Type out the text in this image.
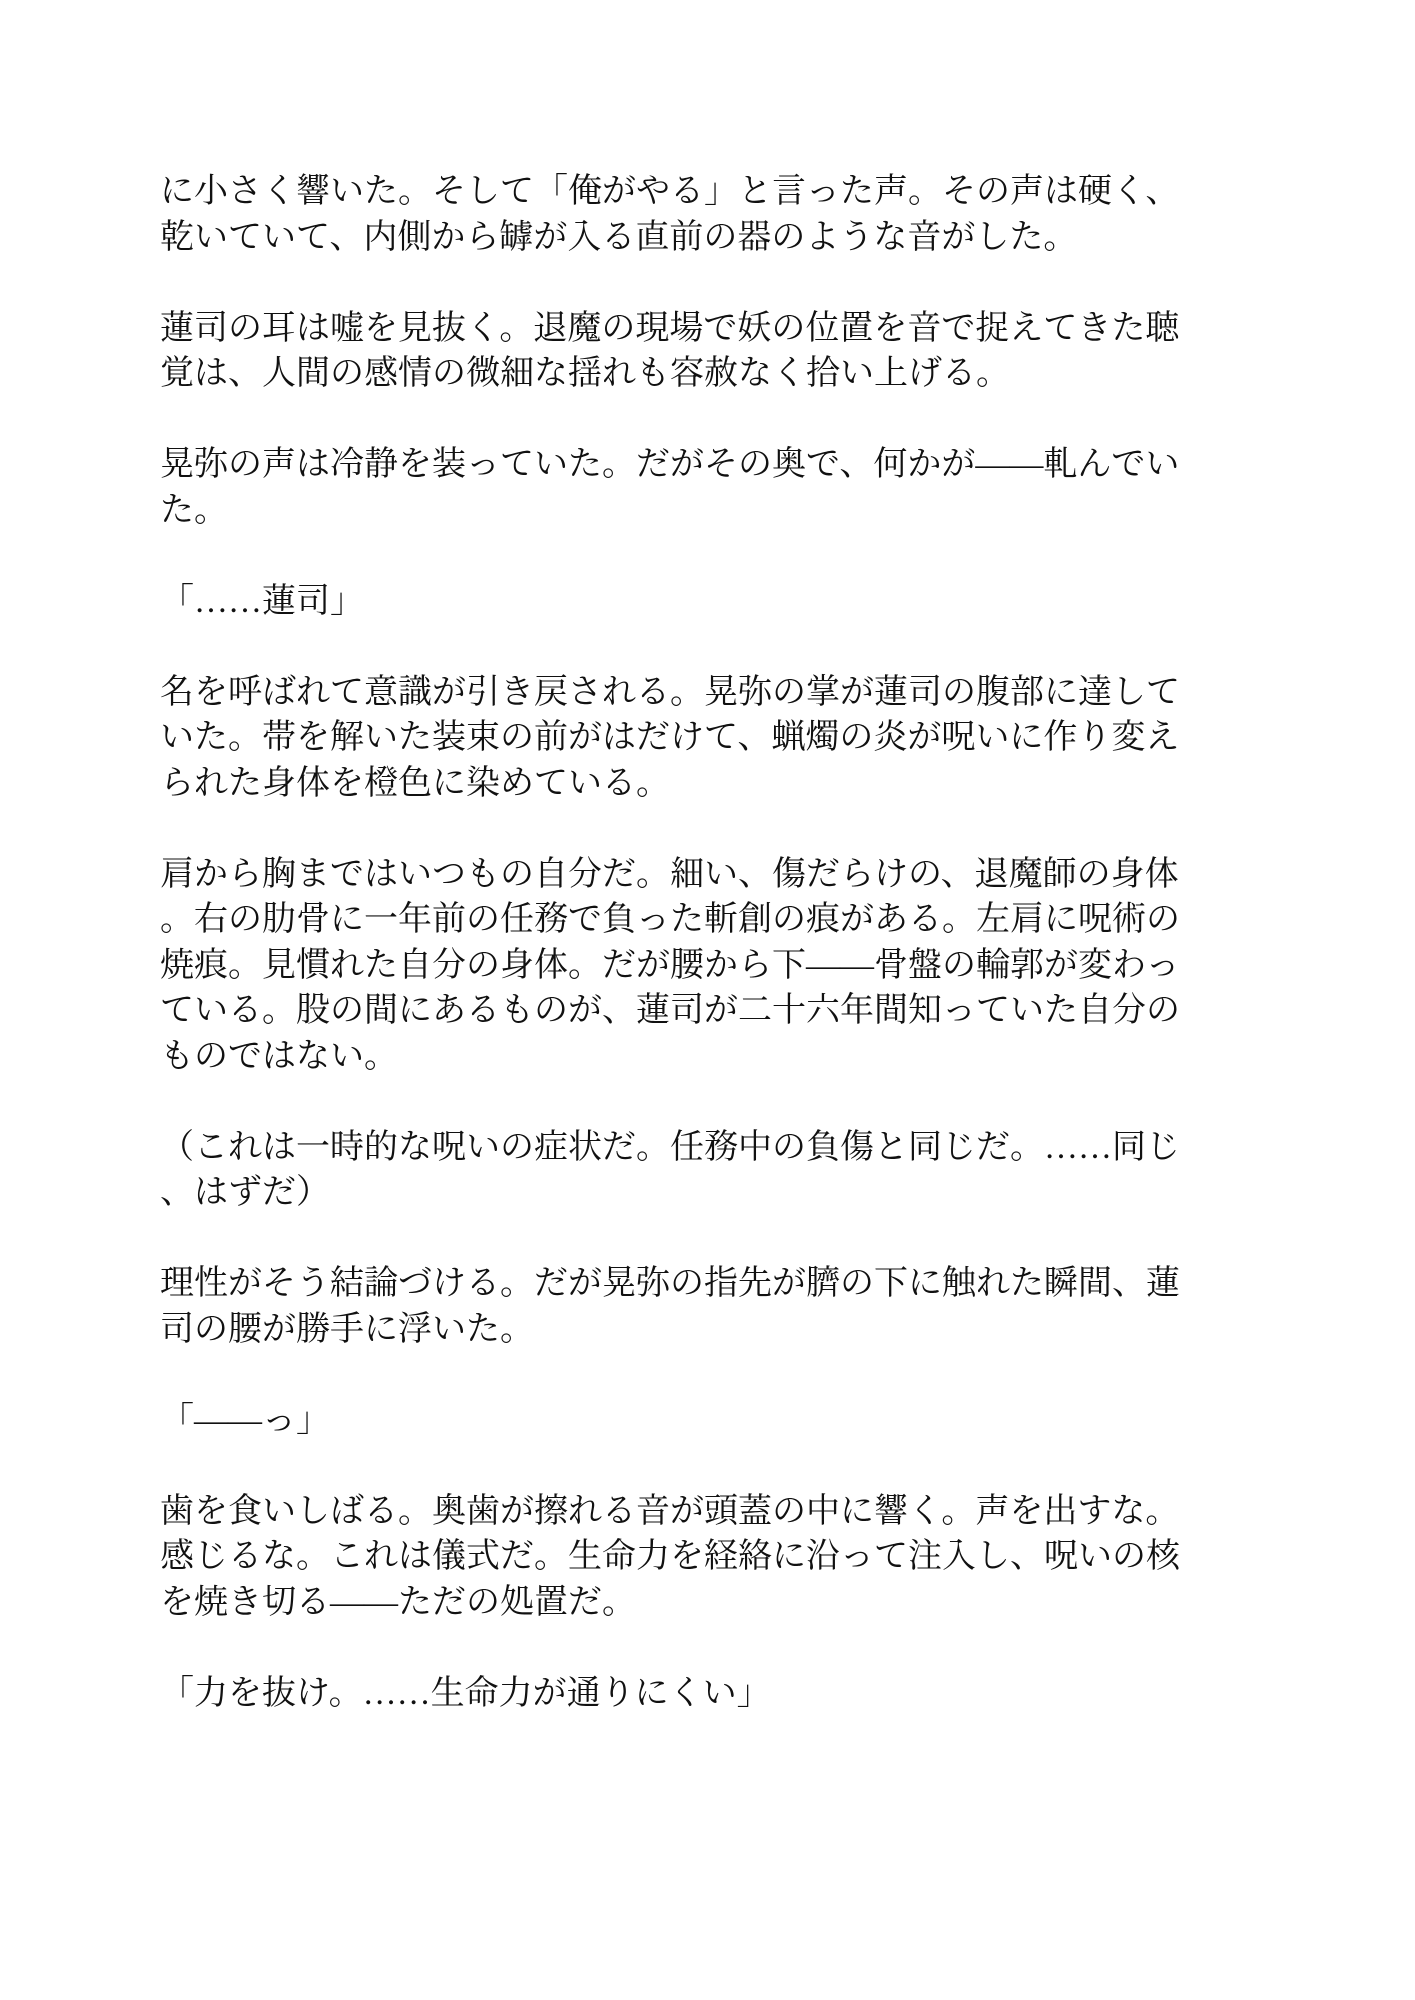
に小さく響いた。そして「俺がやる」と言った声。その声は硬く、
乾いていて、内側から罅が入る直前の器のような音がした。
蓮司の耳は嘘を見抜く。退魔の現場で妖の位置を音で捉えてきた聴
覚は、人間の感情の微細な揺れも容赦なく拾い上げる。
晃弥の声は冷静を装っていた。だがその奥で、何かが――軋んでい
た。
「……蓮司」
名を呼ばれて意識が引き戻される。晃弥の掌が蓮司の腹部に達して
いた。帯を解いた装束の前がはだけて、蝋燭の炎が呪いに作り変え
られた身体を橙色に染めている。
肩から胸まではいつもの自分だ。細い、傷だらけの、退魔師の身体
。右の肋骨に一年前の任務で負った斬創の痕がある。左肩に呪術の
焼痕。見慣れた自分の身体。だが腰から下――骨盤の輪郭が変わっ
ている。股の間にあるものが、蓮司が二十六年間知っていた自分の
ものではない。
（これは一時的な呪いの症状だ。任務中の負傷と同じだ。……同じ
、はずだ）
理性がそう結論づける。だが晃弥の指先が臍の下に触れた瞬間、蓮
司の腰が勝手に浮いた。
「――っ」
歯を食いしばる。奥歯が擦れる音が頭蓋の中に響く。声を出すな。
感じるな。これは儀式だ。生命力を経絡に沿って注入し、呪いの核
を焼き切る――ただの処置だ。
「力を抜け。……生命力が通りにくい」
